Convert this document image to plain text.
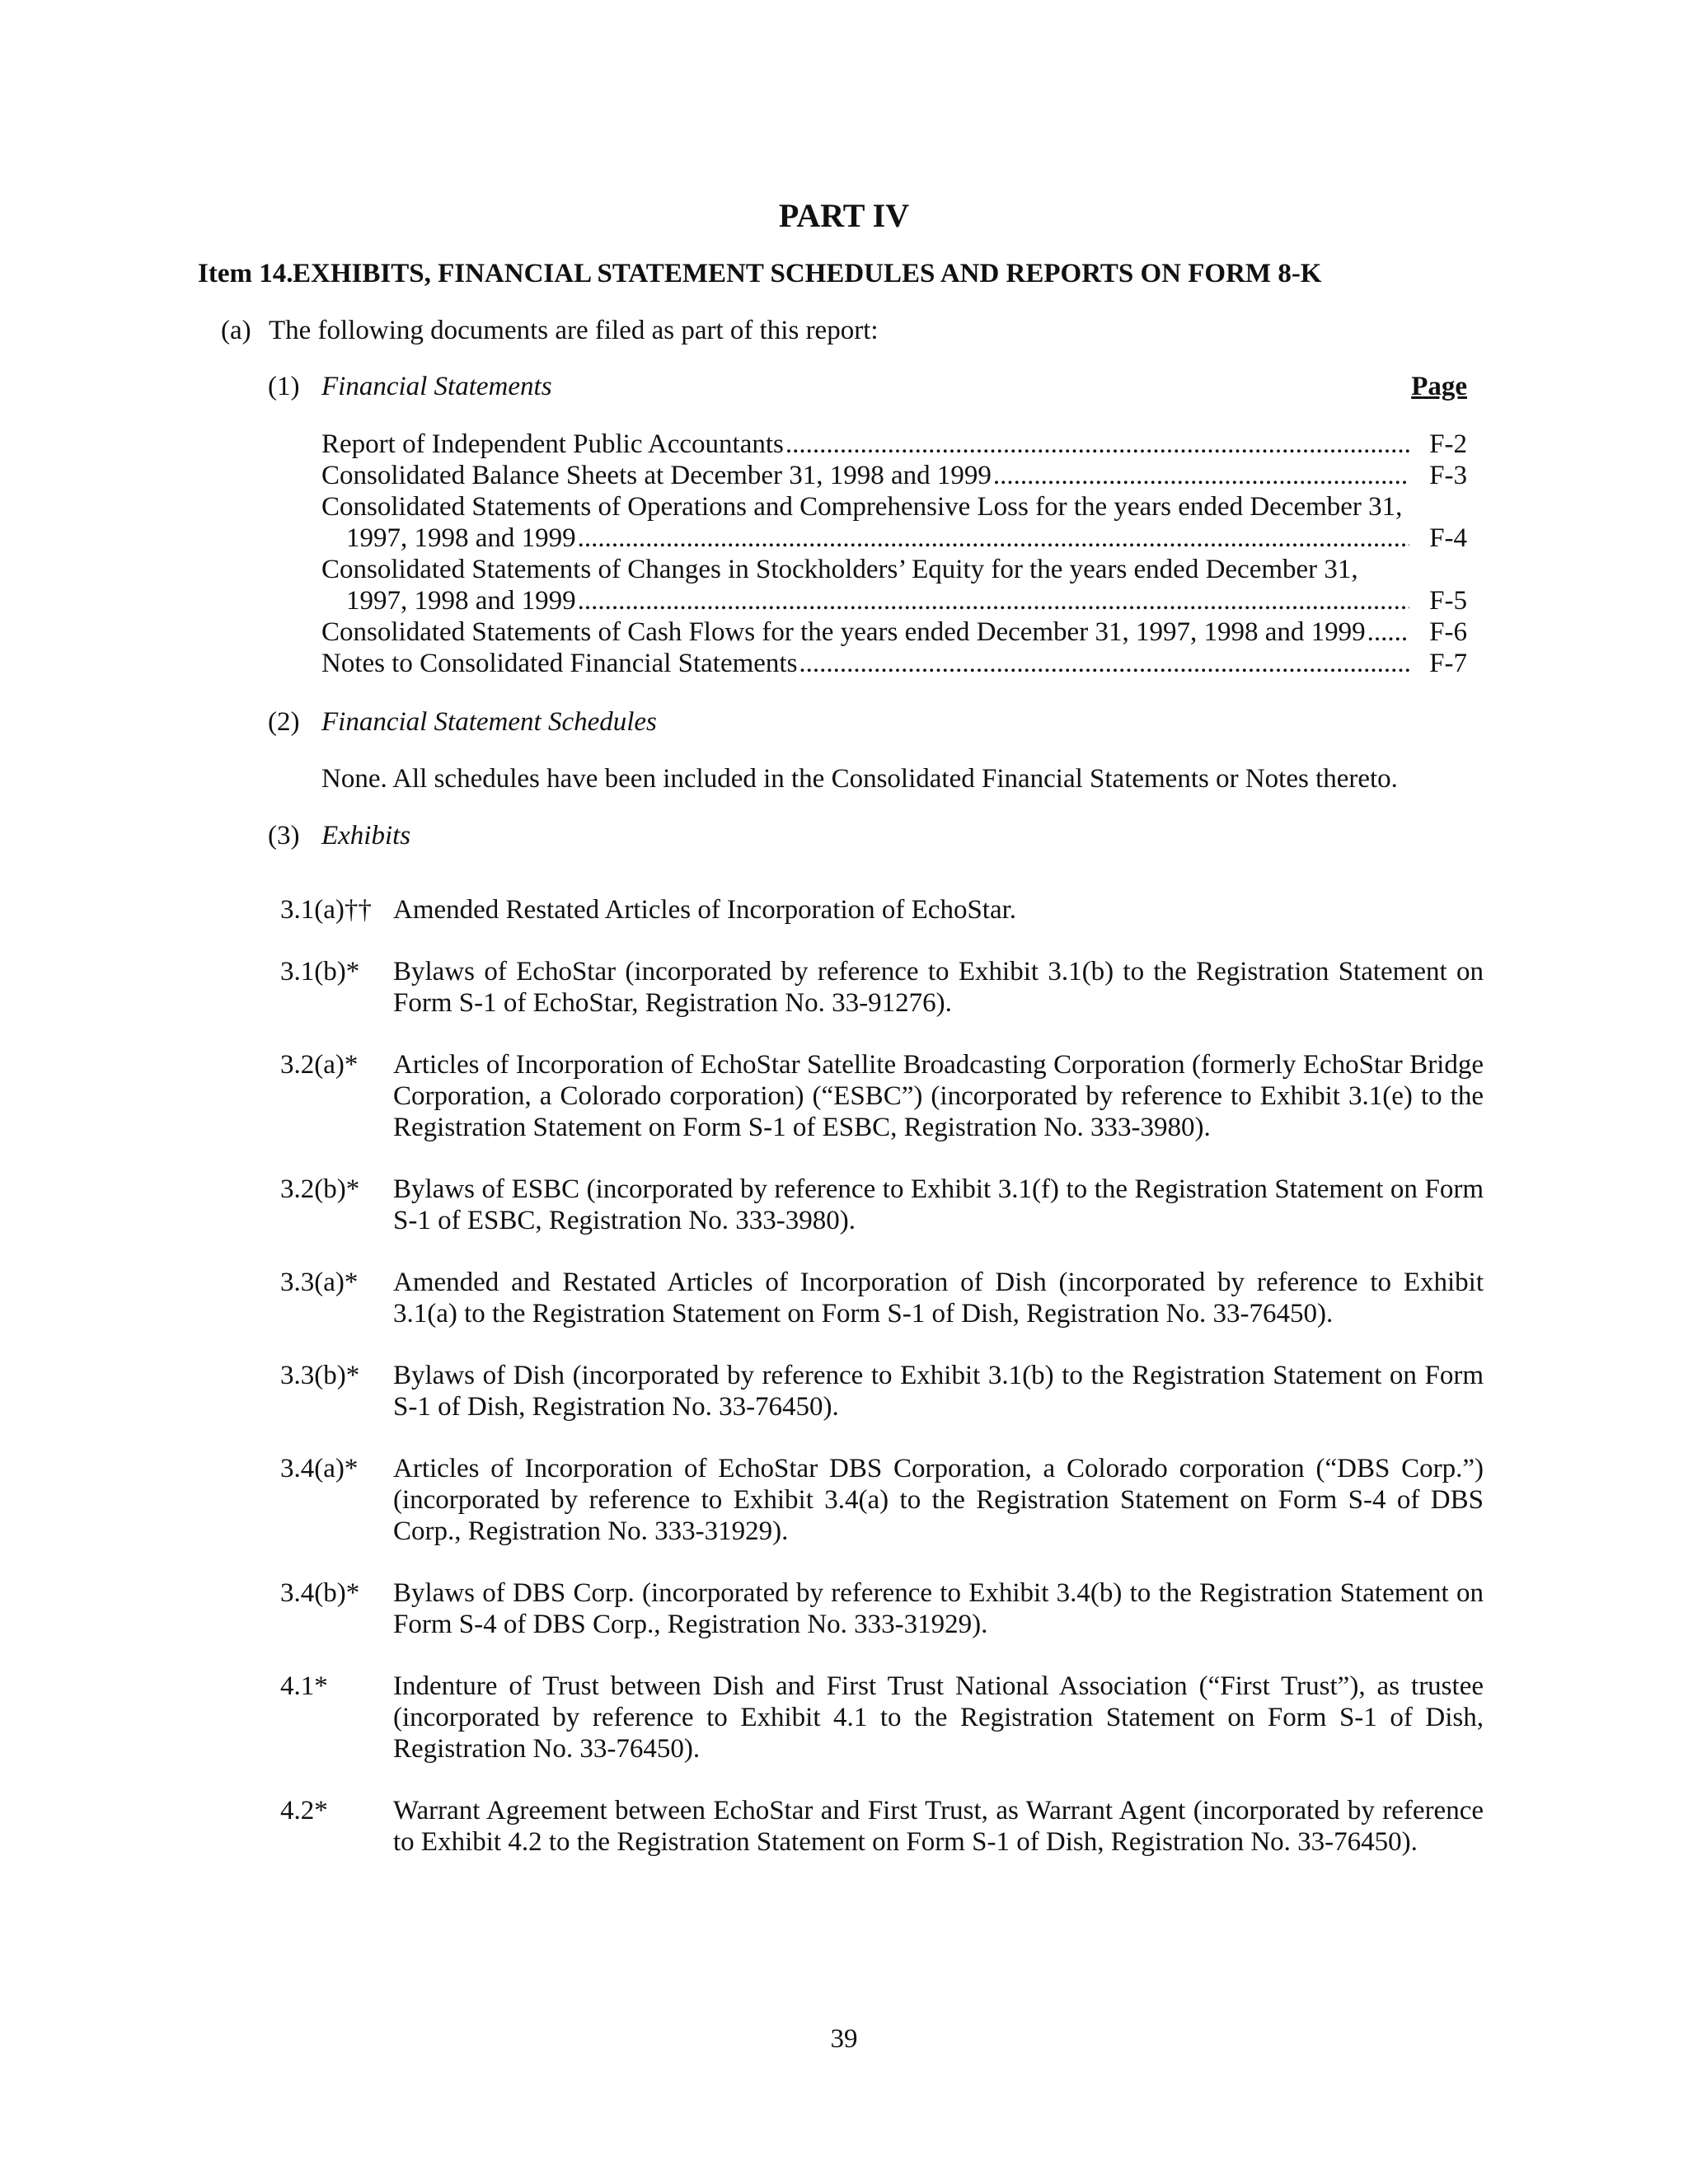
PART IV
Item 14.EXHIBITS, FINANCIAL STATEMENT SCHEDULES AND REPORTS ON FORM 8-K
(a) The following documents are filed as part of this report:
(1) Financial Statements	Page
Report of Independent Public Accountants .....	F-2
Consolidated Balance Sheets at December 31, 1998 and 1999 .....	F-3
Consolidated Statements of Operations and Comprehensive Loss for the years ended December 31,
1997, 1998 and 1999 .....	F-4
Consolidated Statements of Changes in Stockholders’ Equity for the years ended December 31,
1997, 1998 and 1999 .....	F-5
Consolidated Statements of Cash Flows for the years ended December 31, 1997, 1998 and 1999 .....	F-6
Notes to Consolidated Financial Statements .....	F-7
(2) Financial Statement Schedules
None. All schedules have been included in the Consolidated Financial Statements or Notes thereto.
(3) Exhibits
3.1(a)†† Amended Restated Articles of Incorporation of EchoStar.
3.1(b)*	Bylaws of EchoStar (incorporated by reference to Exhibit 3.1(b) to the Registration Statement on Form S-1 of EchoStar, Registration No. 33-91276).
3.2(a)*	Articles of Incorporation of EchoStar Satellite Broadcasting Corporation (formerly EchoStar Bridge Corporation, a Colorado corporation) (“ESBC”) (incorporated by reference to Exhibit 3.1(e) to the Registration Statement on Form S-1 of ESBC, Registration No. 333-3980).
3.2(b)*	Bylaws of ESBC (incorporated by reference to Exhibit 3.1(f) to the Registration Statement on Form S-1 of ESBC, Registration No. 333-3980).
3.3(a)*	Amended and Restated Articles of Incorporation of Dish (incorporated by reference to Exhibit 3.1(a) to the Registration Statement on Form S-1 of Dish, Registration No. 33-76450).
3.3(b)*	Bylaws of Dish (incorporated by reference to Exhibit 3.1(b) to the Registration Statement on Form S-1 of Dish, Registration No. 33-76450).
3.4(a)*	Articles of Incorporation of EchoStar DBS Corporation, a Colorado corporation (“DBS Corp.”) (incorporated by reference to Exhibit 3.4(a) to the Registration Statement on Form S-4 of DBS Corp., Registration No. 333-31929).
3.4(b)*	Bylaws of DBS Corp. (incorporated by reference to Exhibit 3.4(b) to the Registration Statement on Form S-4 of DBS Corp., Registration No. 333-31929).
4.1*	Indenture of Trust between Dish and First Trust National Association (“First Trust”), as trustee (incorporated by reference to Exhibit 4.1 to the Registration Statement on Form S-1 of Dish, Registration No. 33-76450).
4.2*	Warrant Agreement between EchoStar and First Trust, as Warrant Agent (incorporated by reference to Exhibit 4.2 to the Registration Statement on Form S-1 of Dish, Registration No. 33-76450).
39
